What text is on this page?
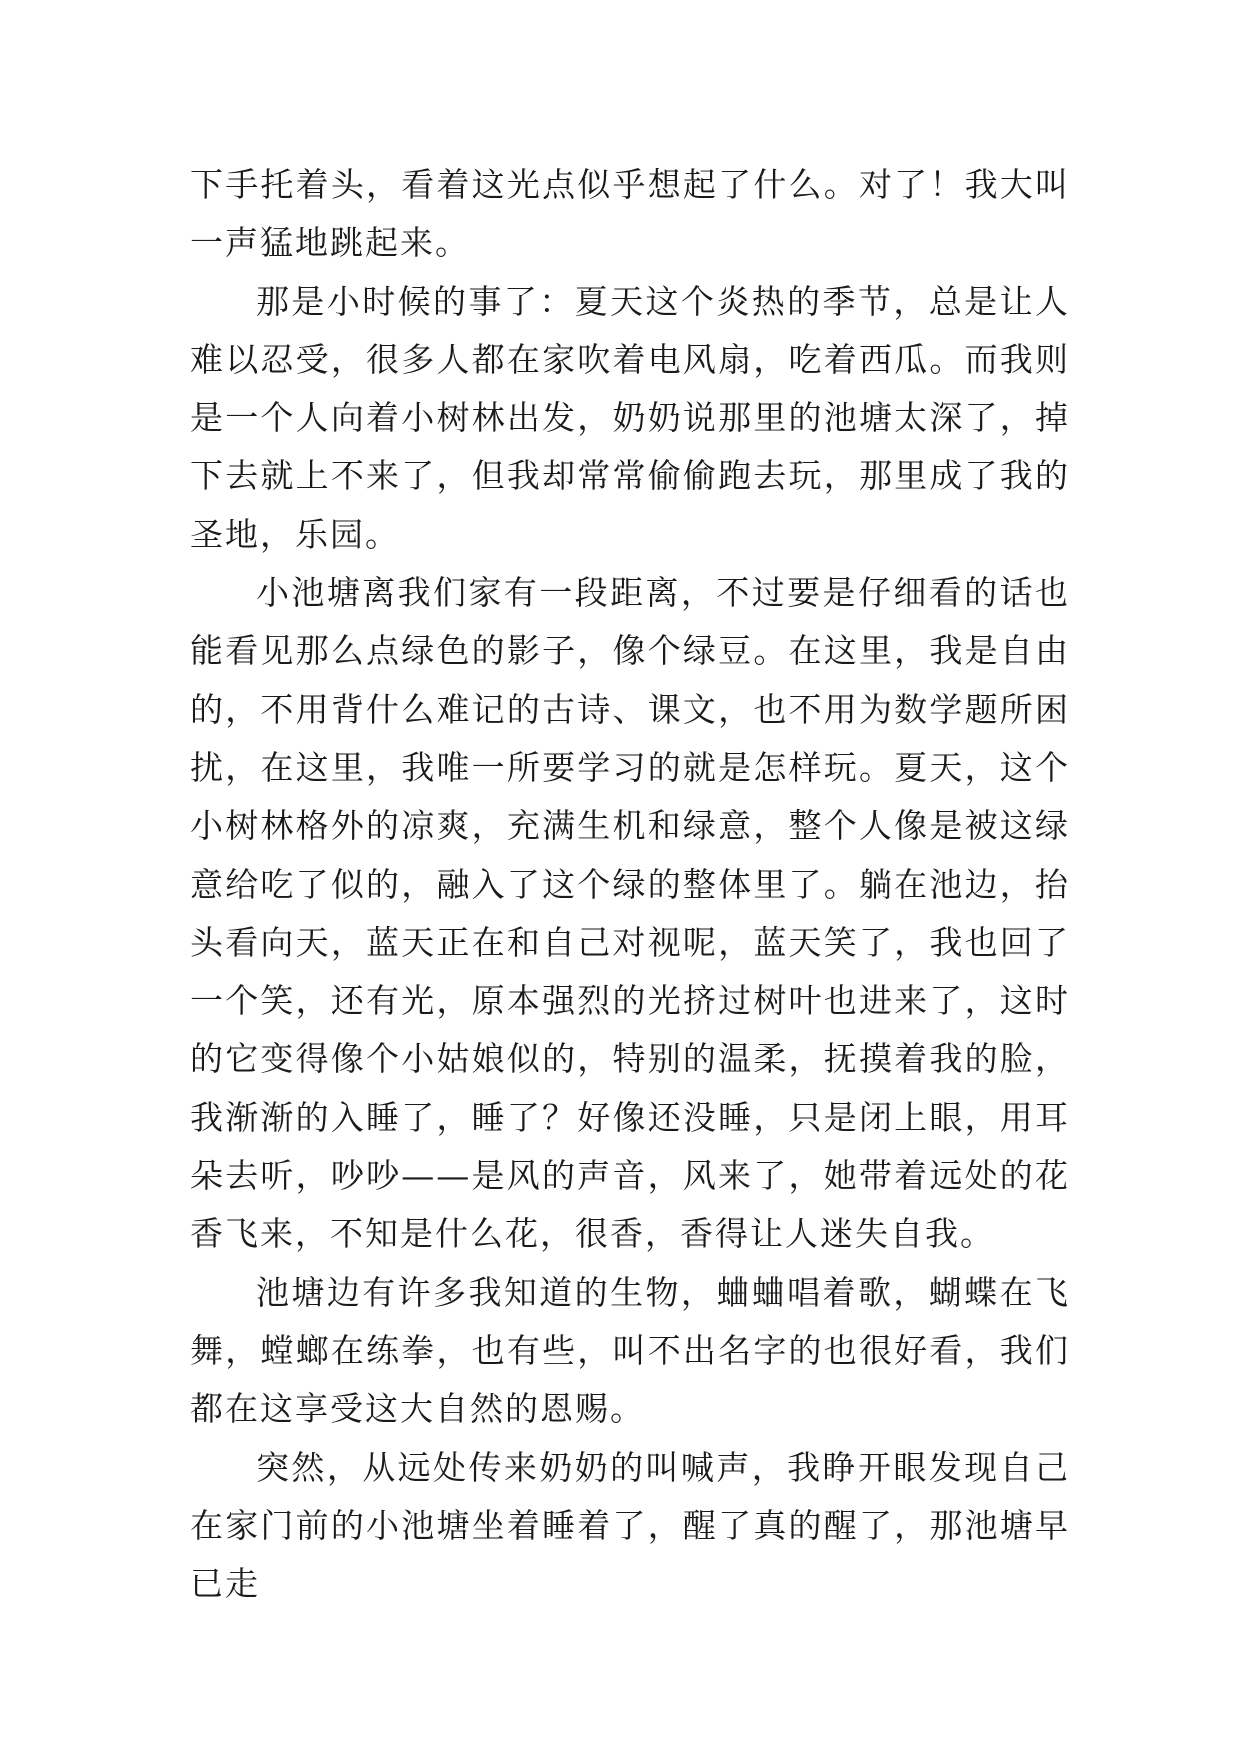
下手托着头，看着这光点似乎想起了什么。对了！我大叫一声猛地跳起来。

那是小时候的事了：夏天这个炎热的季节，总是让人难以忍受，很多人都在家吹着电风扇，吃着西瓜。而我则是一个人向着小树林出发，奶奶说那里的池塘太深了，掉下去就上不来了，但我却常常偷偷跑去玩，那里成了我的圣地，乐园。

小池塘离我们家有一段距离，不过要是仔细看的话也能看见那么点绿色的影子，像个绿豆。在这里，我是自由的，不用背什么难记的古诗、课文，也不用为数学题所困扰，在这里，我唯一所要学习的就是怎样玩。夏天，这个小树林格外的凉爽，充满生机和绿意，整个人像是被这绿意给吃了似的，融入了这个绿的整体里了。躺在池边，抬头看向天，蓝天正在和自己对视呢，蓝天笑了，我也回了一个笑，还有光，原本强烈的光挤过树叶也进来了，这时的它变得像个小姑娘似的，特别的温柔，抚摸着我的脸，我渐渐的入睡了，睡了？好像还没睡，只是闭上眼，用耳朵去听，吵吵——是风的声音，风来了，她带着远处的花香飞来，不知是什么花，很香，香得让人迷失自我。

池塘边有许多我知道的生物，蛐蛐唱着歌，蝴蝶在飞舞，螳螂在练拳，也有些，叫不出名字的也很好看，我们都在这享受这大自然的恩赐。

突然，从远处传来奶奶的叫喊声，我睁开眼发现自己在家门前的小池塘坐着睡着了，醒了真的醒了，那池塘早已走
